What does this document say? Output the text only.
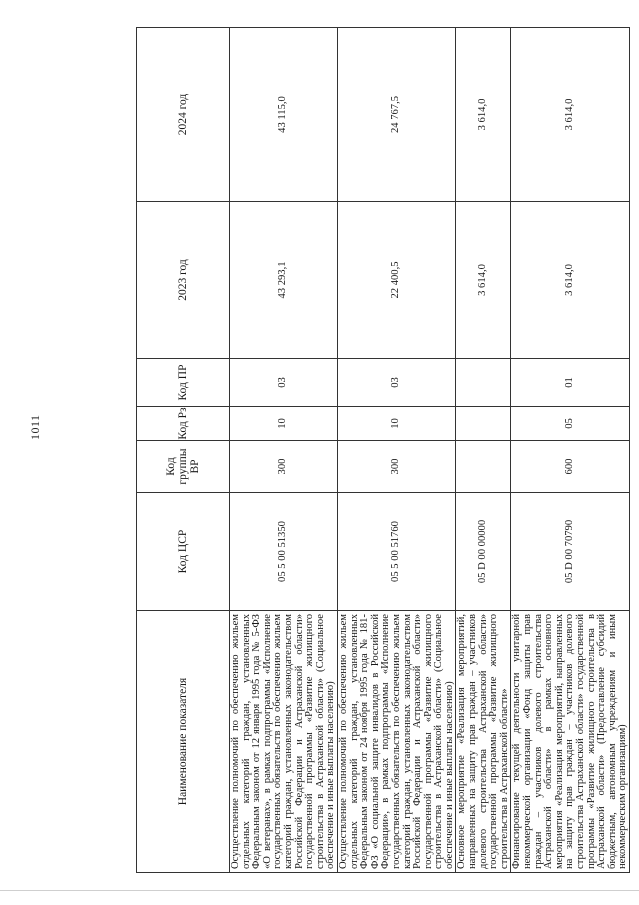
1011
Наименование показателя	Код ЦСР	Код группы ВР	Код Рз	Код ПР	2023 год	2024 год
Осуществление полномочий по обеспечению жильем отдельных категорий граждан, установленных Федеральным законом от 12 января 1995 года № 5-ФЗ «О ветеранах», в рамках подпрограммы «Исполнение государственных обязательств по обеспечению жильем категорий граждан, установленных законодательством Российской Федерации и Астраханской области» государственной программы «Развитие жилищного строительства в Астраханской области» (Социальное обеспечение и иные выплаты населению)	05 5 00 51350	300	10	03	43 293,1	43 115,0
Осуществление полномочий по обеспечению жильем отдельных категорий граждан, установленных Федеральным законом от 24 ноября 1995 года № 181-ФЗ «О социальной защите инвалидов в Российской Федерации», в рамках подпрограммы «Исполнение государственных обязательств по обеспечению жильем категорий граждан, установленных законодательством Российской Федерации и Астраханской области» государственной программы «Развитие жилищного строительства в Астраханской области» (Социальное обеспечение и иные выплаты населению)	05 5 00 51760	300	10	03	22 400,5	24 767,5
Основное мероприятие «Реализация мероприятий, направленных на защиту прав граждан – участников долевого строительства Астраханской области» государственной программы «Развитие жилищного строительства в Астраханской области»	05 D 00 00000				3 614,0	3 614,0
Финансирование текущей деятельности унитарной некоммерческой организации «Фонд защиты прав граждан – участников долевого строительства Астраханской области» в рамках основного мероприятия «Реализация мероприятий, направленных на защиту прав граждан – участников долевого строительства Астраханской области» государственной программы «Развитие жилищного строительства в Астраханской области» (Предоставление субсидий бюджетным, автономным учреждениям и иным некоммерческим организациям)	05 D 00 70790	600	05	01	3 614,0	3 614,0
